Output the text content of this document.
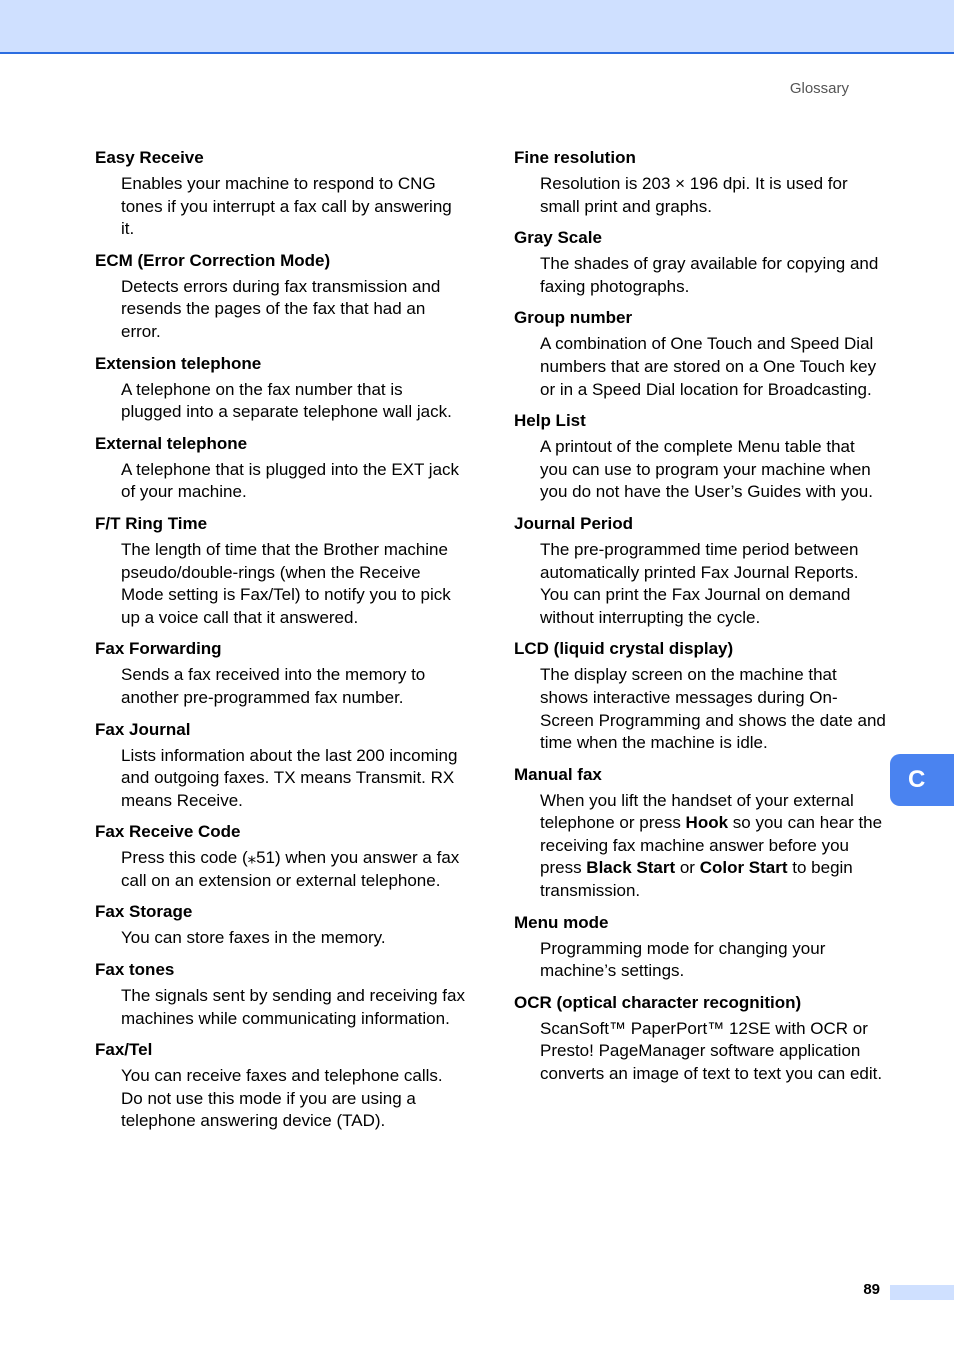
Glossary

Easy Receive

Enables your machine to respond to CNG tones if you interrupt a fax call by answering it.

ECM (Error Correction Mode)

Detects errors during fax transmission and resends the pages of the fax that had an error.

Extension telephone

A telephone on the fax number that is plugged into a separate telephone wall jack.

External telephone

A telephone that is plugged into the EXT jack of your machine.

F/T Ring Time

The length of time that the Brother machine pseudo/double-rings (when the Receive Mode setting is Fax/Tel) to notify you to pick up a voice call that it answered.

Fax Forwarding

Sends a fax received into the memory to another pre-programmed fax number.

Fax Journal

Lists information about the last 200 incoming and outgoing faxes. TX means Transmit. RX means Receive.

Fax Receive Code

Press this code (⁎51) when you answer a fax call on an extension or external telephone.

Fax Storage

You can store faxes in the memory.

Fax tones

The signals sent by sending and receiving fax machines while communicating information.

Fax/Tel

You can receive faxes and telephone calls. Do not use this mode if you are using a telephone answering device (TAD).

Fine resolution

Resolution is 203 × 196 dpi. It is used for small print and graphs.

Gray Scale

The shades of gray available for copying and faxing photographs.

Group number

A combination of One Touch and Speed Dial numbers that are stored on a One Touch key or in a Speed Dial location for Broadcasting.

Help List

A printout of the complete Menu table that you can use to program your machine when you do not have the User’s Guides with you.

Journal Period

The pre-programmed time period between automatically printed Fax Journal Reports. You can print the Fax Journal on demand without interrupting the cycle.

LCD (liquid crystal display)

The display screen on the machine that shows interactive messages during On-Screen Programming and shows the date and time when the machine is idle.

Manual fax

When you lift the handset of your external telephone or press Hook so you can hear the receiving fax machine answer before you press Black Start or Color Start to begin transmission.

Menu mode

Programming mode for changing your machine’s settings.

OCR (optical character recognition)

ScanSoft™ PaperPort™ 12SE with OCR or Presto! PageManager software application converts an image of text to text you can edit.

C
89
